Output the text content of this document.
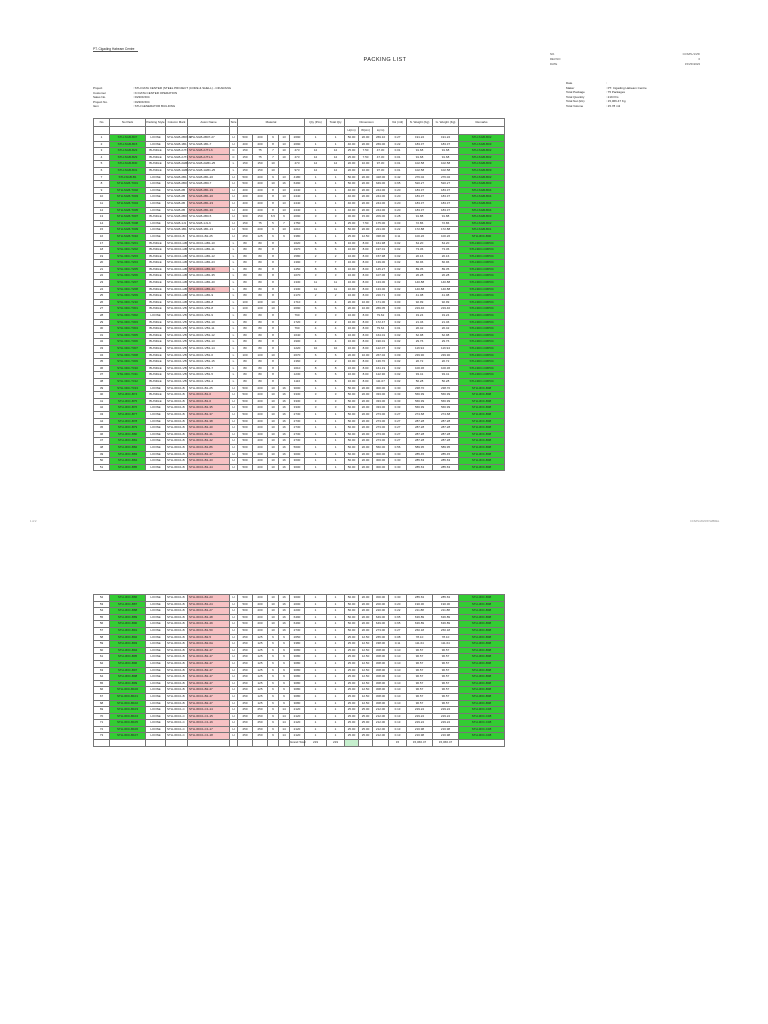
PT. Cigading Habeam Centre
PACKING LIST
NO.	CCS/PL/1/VIII
REV.NO	0
DATE	15/VIII/2023
Project	: STH DATA CENTER (STEEL PROJECT (CORE & SHELL) - CIKARANG
Customer	: KI DATA CENTER OPERATION
Sales No.	: R2309-504
Project No.	: R2309-504
Item	: STH GENERATOR BUILDING
Date	:
Maker	: PT. Cigading Habeam Centre
Total Package	: 75 Packages
Total Quantity	: 219 Pcs
Total Net (kG)	: 15,066.47 Kg
Total Volume	: 15.78 m3
No	No Pack	Packing Style	Column Mark	Assm Name	Size	Material					Qty (Pcs)	Total Qty	Dimension			Vol (m3)	N. Weight (Kg)	G. Weight (Kg)	Remarks
													H(cm)	W(cm)	L(cm)				
1	STH-SGB-B07	LOOSE	STH-SGB-2B07-27	STH-SGB-2B07-27	H	500	200	9	13	2690	1	1	50.00	20.00	269.10	0.27	191.22	191.22	STH-SGB-B02
2	STH-SGB-B15	LOOSE	STH-SGB-1B1	STH-SGB-1B1-7	H	400	200	8	13	2690	1	1	40.00	20.00	269.00	0.22	183.37	183.37	STH-SGB-B03
3	STH-SGB-B23	BUNDLE	STH-SGB-2JT1	STH-SGB-2JT1-6	C	150	75	7	10	473	12	12	25.00	7.50	47.30	0.01	91.68	91.68	STH-SGB-B02
4	STH-SGB-B29	BUNDLE	STH-SGB-2JT1	STH-SGB-2JT1-6	C	150	75	7	10	473	12	12	25.00	7.50	47.30	0.01	91.68	91.68	STH-SGB-B02
5	STH-SGB-B30	BUNDLE	STH-SGB-2HB1	STH-SGB-2HB1-25	L	150	150	10		473	12	12	20.00	10.00	97.30	0.01	102.58	102.58	STH-SGB-B09
6	STH-SGB-B31	BUNDLE	STH-SGB-1HB1	STH-SGB-1HB1-25	L	150	150	10		973	12	12	20.00	10.00	97.30	0.01	102.58	102.58	STH-SGB-B09
7	STH-SGB-B1	LOOSE	STH-SGB-2B1	STH-SGB-2B1-20	H	500	200	9	13	4180	1	1	50.00	20.00	418.00	0.42	276.02	276.02	STH-SGB-B02
8	STH-SGB-T001	LOOSE	STH-SGB-2B0	STH-SGB-2B0-7	H	500	200	10	16	6490	1	1	50.00	20.00	649.00	0.65	520.27	520.27	STH-SGB-B03
9	STH-SGB-T002	LOOSE	STH-SGB-2B	STH-SGB-2B1-19	H	400	200	8	13	2440	1	1	40.00	20.00	244.00	0.20	183.37	183.37	STH-SGB-B04
10	STH-SGB-T003	LOOSE	STH-SGB-2B	STH-SGB-2B1-20	H	400	200	8	13	2440	1	1	40.00	20.00	244.00	0.20	183.37	183.37	STH-SGB-B04
11	STH-SGB-T004	LOOSE	STH-SGB-2B	STH-SGB-2B1-23	H	400	200	8	13	2440	1	1	40.00	20.00	244.00	0.20	183.37	183.37	STH-SGB-B04
12	STH-SGB-T005	LOOSE	STH-SGB-2B	STH-SGB-2B1-30	H	400	200	8	13	2440	1	1	40.00	20.00	244.00	0.20	183.37	183.37	STH-SGB-B04
13	STH-SGB-T007	BUNDLE	STH-SGB-2B0	STH-SGB-2B0-5	H	300	150	6.5	9	2090	3	3	30.00	15.00	209.00	0.28	91.88	91.88	STH-SGB-B03
14	STH-SGB-T008	LOOSE	STH-SGB-1J1	STH-SGB-1J1-6	H	150	75	5	7	1750	1	1	25.00	7.50	175.00	0.03	72.86	72.86	STH-SGB-B02
15	STH-SGB-T009	LOOSE	STH-SGB-1B1	STH-SGB-1B1-13	H	500	200	9	13	2210	1	1	50.00	20.00	221.00	0.22	172.88	172.88	STH-SGB-B01
16	STH-SGB-T010	LOOSE	STH-3DC1-B	STH-3DC1-B2-25	H	250	125	6	9	3380	1	1	25.00	12.50	338.00	0.11	100.26	100.26	STH-3DC-B00
17	STH-3DC-T201	BUNDLE	STH-3DC1-HB	STH-3DC1-HB1-10	L	80	80	8		1620	6	6	16.00	8.00	161.98	0.02	64.20	64.20	STH-3DC-CMP04
18	STH-3DC-T202	BUNDLE	STH-3DC1-HB	STH-3DC1-HB1-11	L	80	80	8		1970	6	6	16.00	8.00	197.01	0.02	73.36	73.36	STH-3DC-CMP04
19	STH-3DC-T203	BUNDLE	STH-3DC1-HB	STH-3DC1-HB1-12	L	80	80	8		1580	2	2	16.00	8.00	157.98	0.02	20.16	20.16	STH-3DC-CMP04
20	STH-3DC-T204	BUNDLE	STH-3DC1-HB	STH-3DC1-HB1-23	L	80	80	8		1390	7	7	16.00	8.00	139.00	0.02	66.96	66.96	STH-3DC-CMP04
21	STH-3DC-T205	BUNDLE	STH-3DC1-HB	STH-3DC1-HB1-30	L	80	80	8		1450	8	8	16.00	8.00	145.27	0.02	89.35	89.35	STH-3DC-CMP04
22	STH-3DC-T206	BUNDLE	STH-3DC1-HB	STH-3DC1-HB1-35	L	80	80	8		1070	3	3	16.00	8.00	107.06	0.02	26.28	26.28	STH-3DC-CMP04
23	STH-3DC-T207	BUNDLE	STH-3DC1-HB	STH-3DC1-HB1-40	L	80	80	8		1330	11	11	16.00	8.00	133.00	0.02	140.88	140.88	STH-3DC-CMP04
24	STH-3DC-T208	BUNDLE	STH-3DC1-HB	STH-3DC1-HB1-41	L	80	80	8		1330	11	11	16.00	8.00	133.00	0.02	140.88	140.88	STH-3DC-CMP04
25	STH-3DC-T209	BUNDLE	STH-3DC1-HB	STH-3DC1-HB1-9	L	80	80	8		2170	2	2	16.00	8.00	216.71	0.03	41.08	41.08	STH-3DC-CMP04
26	STH-3DC-T210	BUNDLE	STH-3DC1-HB	STH-3DC1-HB1-8	L	100	100	10		1710	4	4	20.00	10.00	171.00	0.03	92.99	92.99	STH-3DC-CMP04
27	STH-3DC-T301	BUNDLE	STH-3DC1-VB	STH-3DC1-VB1-8	L	100	100	10		2690	6	6	20.00	10.00	269.05	0.09	219.40	219.40	STH-3DC-CMP04
28	STH-3DC-T302	LOOSE	STH-3DC1-VB	STH-3DC1-VB1-9	L	80	80	8		790	3	3	16.00	8.00	79.62	0.01	19.24	19.24	STH-3DC-CMP04
29	STH-3DC-T303	BUNDLE	STH-3DC1-VB	STH-3DC1-VB1-10	L	80	80	8		1720	2	2	16.00	8.00	172.47	0.02	21.46	21.46	STH-3DC-CMP04
30	STH-3DC-T304	BUNDLE	STH-3DC1-VB	STH-3DC1-VB1-11	L	80	80	8		790	4	4	16.00	8.00	79.64	0.01	20.42	20.42	STH-3DC-CMP04
31	STH-3DC-T305	BUNDLE	STH-3DC1-VB	STH-3DC1-VB1-12	L	80	80	8		1640	6	6	16.00	8.00	164.01	0.02	62.98	62.98	STH-3DC-CMP04
32	STH-3DC-T306	BUNDLE	STH-3DC1-VB	STH-3DC1-VB1-13	L	80	80	8		1900	4	4	16.00	8.00	190.01	0.02	29.76	29.76	STH-3DC-CMP04
33	STH-3DC-T307	BUNDLE	STH-3DC1-VB	STH-3DC1-VB1-14	L	80	80	8		1220	10	10	16.00	8.00	122.07	0.02	116.94	116.94	STH-3DC-CMP04
34	STH-3DC-T308	BUNDLE	STH-3DC1-VB	STH-3DC1-VB1-6	L	100	100	10		2670	6	6	20.00	10.00	267.02	0.09	239.90	239.90	STH-3DC-CMP04
35	STH-3DC-T309	BUNDLE	STH-3DC1-VB	STH-3DC1-VB1-15	L	80	80	8		1360	2	2	16.00	8.00	136.70	0.02	20.72	20.72	STH-3DC-CMP04
36	STH-3DC-T310	BUNDLE	STH-3DC1-VB	STH-3DC1-VB1-7	L	80	80	8		1610	8	8	16.00	8.00	161.19	0.02	100.36	100.36	STH-3DC-CMP04
37	STH-3DC-T311	BUNDLE	STH-3DC1-VB	STH-3DC1-VB1-5	L	80	80	8		1230	6	6	16.00	8.00	122.90	0.02	93.41	93.41	STH-3DC-CMP04
38	STH-3DC-T312	BUNDLE	STH-3DC1-VB	STH-3DC1-VB1-4	L	80	80	8		1110	6	6	16.00	8.00	111.07	0.02	50.28	50.28	STH-3DC-CMP04
39	STH-3DC-T313	LOOSE	STH-3DC1-B	STH-3DC1-B1-25	H	500	200	10	16	3000	1	1	50.00	20.00	300.00	0.30	238.70	238.70	STH-3DC-B08
40	STH-3DC-B74	BUNDLE	STH-3DC1-B	STH-3DC1-B1-6	H	500	200	10	16	3330	3	3	50.00	20.00	333.00	0.33	566.99	566.99	STH-3DC-B08
41	STH-3DC-B75	BUNDLE	STH-3DC1-B	STH-3DC1-B1-6	H	500	200	10	16	3330	3	3	50.00	20.00	333.00	0.33	566.99	566.99	STH-3DC-B08
42	STH-3DC-B76	LOOSE	STH-3DC1-B	STH-3DC1-B1-35	H	500	200	10	16	3330	3	3	50.00	20.00	333.00	0.33	566.99	566.99	STH-3DC-B08
43	STH-3DC-B77	LOOSE	STH-3DC1-B	STH-3DC1-B1-37	H	500	200	10	16	2730	1	1	50.00	20.00	273.00	0.27	274.68	274.68	STH-3DC-B08
44	STH-3DC-B78	LOOSE	STH-3DC1-B	STH-3DC1-B1-38	H	500	200	10	16	2730	1	1	50.00	20.00	273.00	0.27	287.28	287.28	STH-3DC-B08
45	STH-3DC-B79	LOOSE	STH-3DC1-B	STH-3DC1-B1-40	H	500	200	10	16	2730	1	1	50.00	20.00	273.00	0.27	287.28	287.28	STH-3DC-B08
46	STH-3DC-B80	LOOSE	STH-3DC1-B	STH-3DC1-B1-41	H	500	200	10	16	2730	1	1	50.00	20.00	273.00	0.27	287.28	287.28	STH-3DC-B08
47	STH-3DC-B81	LOOSE	STH-3DC1-B	STH-3DC1-B1-42	H	500	200	10	16	2730	1	1	50.00	20.00	273.00	0.27	287.28	287.28	STH-3DC-B08
48	STH-3DC-B82	LOOSE	STH-3DC1-B	STH-3DC1-B1-86	H	500	200	10	16	5600	1	1	50.00	20.00	560.00	0.56	589.95	589.95	STH-3DC-B08
49	STH-3DC-B83	LOOSE	STH-3DC1-B	STH-3DC1-B1-47	H	500	200	10	16	3000	1	1	50.00	20.00	300.00	0.30	285.45	285.45	STH-3DC-B08
50	STH-3DC-B84	LOOSE	STH-3DC1-B	STH-3DC1-B1-43	H	500	200	10	16	3000	1	1	50.00	20.00	300.00	0.30	285.63	285.63	STH-3DC-B08
51	STH-3DC-B85	LOOSE	STH-3DC1-B	STH-3DC1-B1-44	H	500	200	10	16	3000	1	1	50.00	20.00	300.00	0.30	285.63	285.63	STH-3DC-B08
1 of 2	CCS/PL/2023/STH/BREL
52	STH-3DC-B86	LOOSE	STH-3DC1-B	STH-3DC1-B1-23	H	500	200	10	16	3000	1	1	50.00	20.00	300.00	0.30	285.63	285.63	STH-3DC-B08
53	STH-3DC-B87	LOOSE	STH-3DC1-B	STH-3DC1-B1-24	H	500	200	10	16	2000	1	1	50.00	20.00	200.00	0.20	190.30	190.30	STH-3DC-B08
54	STH-3DC-B88	LOOSE	STH-3DC1-B	STH-3DC1-B1-27	H	500	200	10	16	2200	1	1	50.00	20.00	220.00	0.22	211.88	211.88	STH-3DC-B08
55	STH-3DC-B89	LOOSE	STH-3DC1-B	STH-3DC1-B1-48	H	500	200	10	16	6490	1	1	50.00	20.00	649.00	0.65	636.89	636.89	STH-3DC-B08
56	STH-3DC-B90	LOOSE	STH-3DC1-B	STH-3DC1-B1-49	H	500	200	10	16	6490	1	1	50.00	20.00	649.00	0.65	636.89	636.89	STH-3DC-B08
57	STH-3DC-B91	LOOSE	STH-3DC1-B	STH-3DC1-B1-50	H	500	200	10	16	2730	1	1	50.00	20.00	273.00	0.27	260.18	260.18	STH-3DC-B08
58	STH-3DC-B92	LOOSE	STH-3DC1-B	STH-3DC1-B2-5	H	250	125	6	9	2650	1	1	25.00	12.50	265.00	0.08	78.10	78.10	STH-3DC-B08
59	STH-3DC-B93	LOOSE	STH-3DC1-B	STH-3DC1-B2-6A	H	250	125	6	9	3380	1	1	25.00	12.50	338.00	0.11	111.64	111.64	STH-3DC-B08
60	STH-3DC-B94	LOOSE	STH-3DC1-B	STH-3DC1-B2-47	H	250	125	6	9	3080	1	1	25.00	12.50	308.00	0.10	96.57	96.57	STH-3DC-B08
61	STH-3DC-B95	LOOSE	STH-3DC1-B	STH-3DC1-B2-47	H	250	125	6	9	3080	1	1	25.00	12.50	308.00	0.10	96.57	96.57	STH-3DC-B08
62	STH-3DC-B96	LOOSE	STH-3DC1-B	STH-3DC1-B2-47	H	250	125	6	9	3080	1	1	25.00	12.50	308.00	0.10	96.57	96.57	STH-3DC-B08
63	STH-3DC-B97	LOOSE	STH-3DC1-B	STH-3DC1-B2-47	H	250	125	6	9	3080	1	1	25.00	12.50	308.00	0.10	96.57	96.57	STH-3DC-B08
64	STH-3DC-B98	LOOSE	STH-3DC1-B	STH-3DC1-B2-47	H	250	125	6	9	3080	1	1	25.00	12.50	308.00	0.10	96.57	96.57	STH-3DC-B08
65	STH-3DC-B99	LOOSE	STH-3DC1-B	STH-3DC1-B2-47	H	250	125	6	9	3080	1	1	25.00	12.50	308.00	0.10	96.57	96.57	STH-3DC-B08
66	STH-3DC-B100	LOOSE	STH-3DC1-B	STH-3DC1-B2-47	H	250	125	6	9	3080	1	1	25.00	12.50	308.00	0.10	96.57	96.57	STH-3DC-B08
67	STH-3DC-B101	LOOSE	STH-3DC1-B	STH-3DC1-B2-47	H	250	125	6	9	3080	1	1	25.00	12.50	308.00	0.10	96.57	96.57	STH-3DC-B08
68	STH-3DC-B102	LOOSE	STH-3DC1-B	STH-3DC1-B2-47	H	250	125	6	9	3080	1	1	25.00	12.50	308.00	0.10	96.57	96.57	STH-3DC-B08
69	STH-3DC-B103	LOOSE	STH-3DC1-C	STH-3DC1-C1-14	H	250	250	9	14	2120	1	1	25.00	25.00	212.00	0.13	229.24	229.24	STH-3DC-C08
70	STH-3DC-B104	LOOSE	STH-3DC1-C	STH-3DC1-C1-15	H	250	250	9	14	2120	1	1	25.00	25.00	212.00	0.13	229.24	229.24	STH-3DC-C08
71	STH-3DC-B105	LOOSE	STH-3DC1-C	STH-3DC1-C1-16	H	250	250	9	14	2120	1	1	25.00	25.00	212.00	0.13	229.24	229.24	STH-3DC-C08
72	STH-3DC-B106	LOOSE	STH-3DC1-C	STH-3DC1-C1-17	H	250	250	9	14	2120	1	1	25.00	25.00	212.00	0.13	216.98	216.98	STH-3DC-C08
73	STH-3DC-B107	LOOSE	STH-3DC1-C	STH-3DC1-C1-18	H	250	250	9	14	2120	1	1	25.00	25.00	212.00	0.13	216.98	216.98	STH-3DC-C08
										Grand Total	219	219				15	15,066.47	15,066.47	
